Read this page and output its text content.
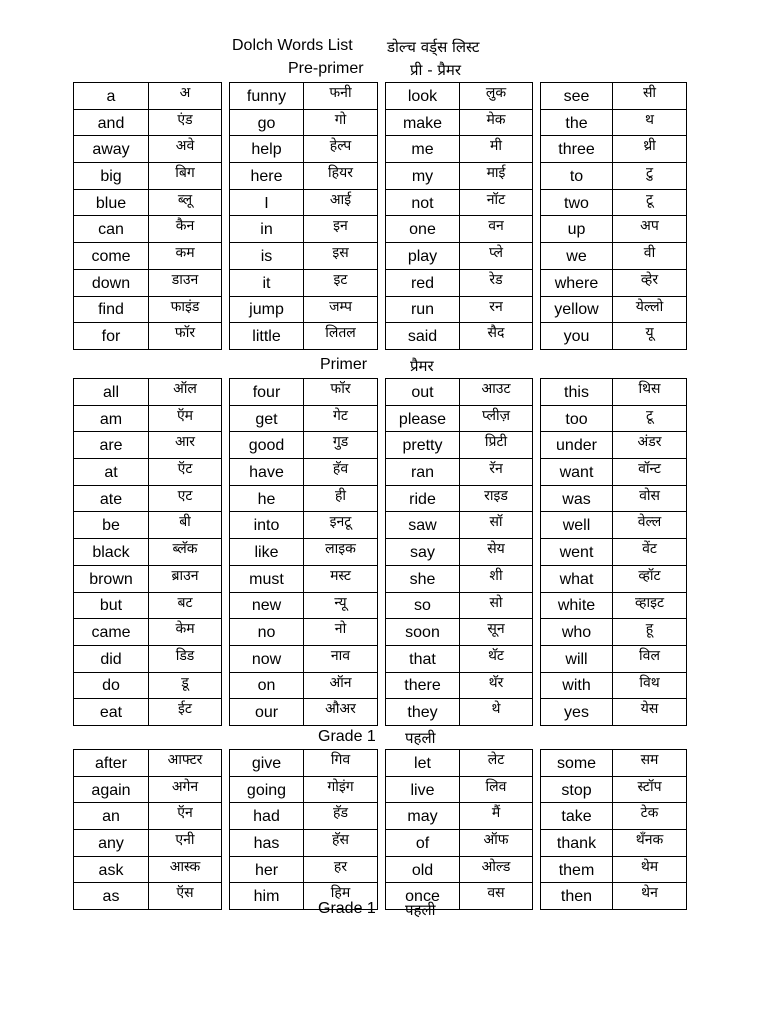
Dolch Words List डोल्च वर्ड्स लिस्ट
Pre-primer	प्री - प्रैमर
a	अ
and	एंड
away	अवे
big	बिग
blue	ब्लू
can	कैन
come	कम
down	डाउन
find	फाइंड
for	फॉर
funny	फनी
go	गो
help	हेल्प
here	हियर
I	आई
in	इन
is	इस
it	इट
jump	जम्प
little	लितल
look	लुक
make	मेक
me	मी
my	माई
not	नॉट
one	वन
play	प्ले
red	रेड
run	रन
said	सैद
see	सी
the	थ
three	थ्री
to	टु
two	टू
up	अप
we	वी
where	व्हेर
yellow	येल्लो
you	यू
Primer	प्रैमर
all	ऑल
am	ऍम
are	आर
at	ऍट
ate	एट
be	बी
black	ब्लॅक
brown	ब्राउन
but	बट
came	केम
did	डिड
do	डू
eat	ईट
four	फॉर
get	गेट
good	गुड
have	हॅव
he	ही
into	इनटू
like	लाइक
must	मस्ट
new	न्यू
no	नो
now	नाव
on	ऑन
our	औअर
out	आउट
please	प्लीज़
pretty	प्रिटी
ran	रॅन
ride	राइड
saw	सॉ
say	सेय
she	शी
so	सो
soon	सून
that	थॅट
there	थॅर
they	थे
this	थिस
too	टू
under	अंडर
want	वॉन्ट
was	वोस
well	वेल्ल
went	वेंट
what	व्हॉट
white	व्हाइट
who	हू
will	विल
with	विथ
yes	येस
Grade 1 पहली
after	आफ्टर
again	अगेन
an	ऍन
any	एनी
ask	आस्क
as	ऍस
give	गिव
going	गोइंग
had	हॅड
has	हॅस
her	हर
him	हिम
let	लेट
live	लिव
may	मैं
of	ऑफ
old	ओल्ड
once	वस
some	सम
stop	स्टॉप
take	टेक
thank	थॅंनक
them	थेम
then	थेन
Grade 1 पहली
